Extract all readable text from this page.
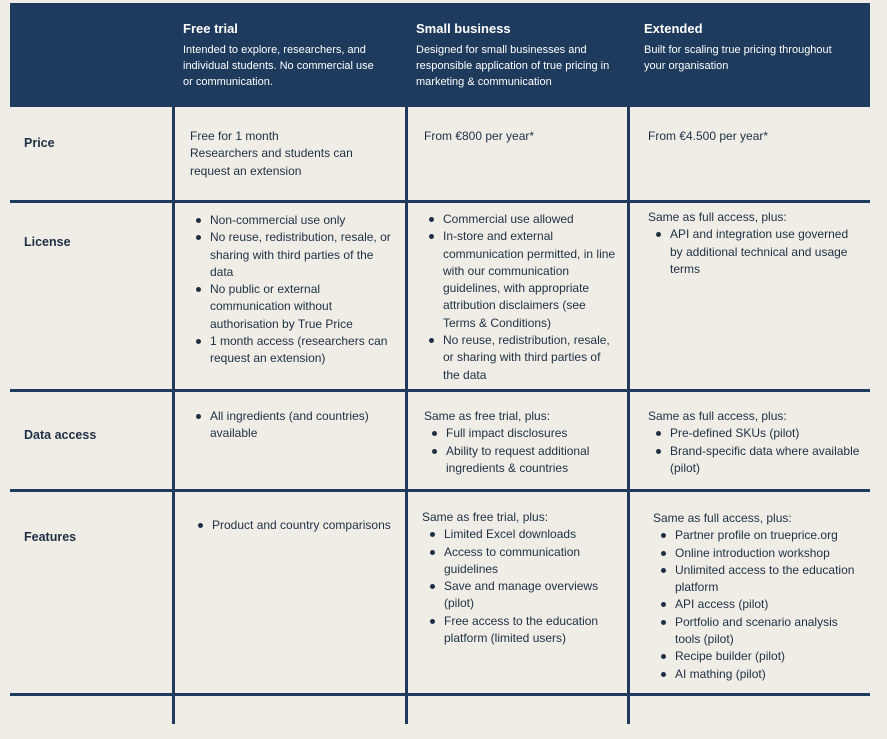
Free trial
Intended to explore, researchers, and individual students. No commercial use or communication.
Small business
Designed for small businesses and responsible application of true pricing in marketing & communication
Extended
Built for scaling true pricing throughout your organisation
Price	Free for 1 month

Researchers and students can request an extension

From €800 per year*	From €4.500 per year*

License
Non-commercial use only
No reuse, redistribution, resale, or sharing with third parties of the data
No public or external communication without authorisation by True Price
1 month access (researchers can request an extension)
Commercial use allowed
In-store and external communication permitted, in line with our communication guidelines, with appropriate attribution disclaimers (see Terms & Conditions)
No reuse, redistribution, resale, or sharing with third parties of the data

Same as full access, plus:

API and integration use governed by additional technical and usage terms
Data access
All ingredients (and countries) available

Same as free trial, plus:

Full impact disclosures
Ability to request additional ingredients & countries

Same as full access, plus:

Pre-defined SKUs (pilot)
Brand-specific data where available (pilot)
Features
Product and country comparisons

Same as free trial, plus:

Limited Excel downloads
Access to communication guidelines
Save and manage overviews (pilot)
Free access to the education platform (limited users)

Same as full access, plus:

Partner profile on trueprice.org
Online introduction workshop
Unlimited access to the education platform
API access (pilot)
Portfolio and scenario analysis tools (pilot)
Recipe builder (pilot)
AI mathing (pilot)
